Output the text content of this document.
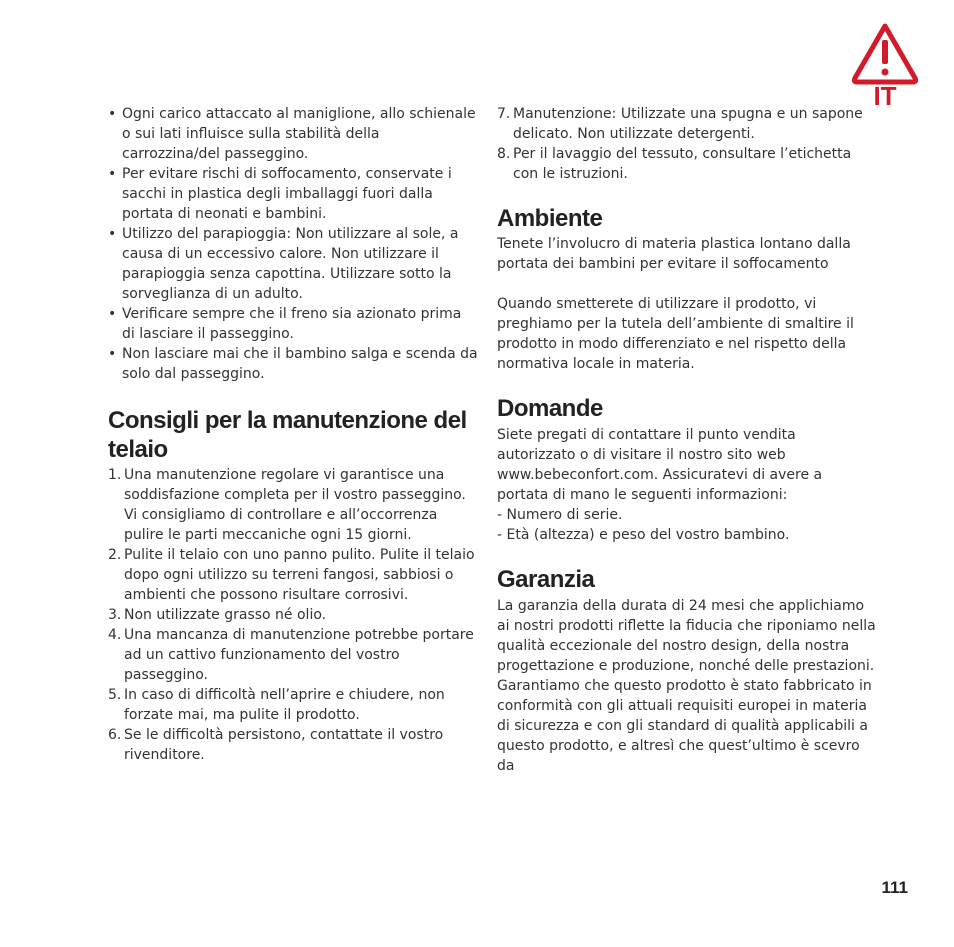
IT
• Ogni carico attaccato al maniglione, allo schienale o sui lati influisce sulla stabilità della carrozzina/del passeggino.
• Per evitare rischi di soffocamento, conservate i sacchi in plastica degli imballaggi fuori dalla portata di neonati e bambini.
• Utilizzo del parapioggia: Non utilizzare al sole, a causa di un eccessivo calore. Non utilizzare il parapioggia senza capottina. Utilizzare sotto la sorveglianza di un adulto.
• Verificare sempre che il freno sia azionato prima di lasciare il passeggino.
• Non lasciare mai che il bambino salga e scenda da solo dal passeggino.
Consigli per la manutenzione del telaio
1. Una manutenzione regolare vi garantisce una soddisfazione completa per il vostro passeggino. Vi consigliamo di controllare e all’occorrenza pulire le parti meccaniche ogni 15 giorni.
2. Pulite il telaio con uno panno pulito. Pulite il telaio dopo ogni utilizzo su terreni fangosi, sabbiosi o ambienti che possono risultare corrosivi.
3. Non utilizzate grasso né olio.
4. Una mancanza di manutenzione potrebbe portare ad un cattivo funzionamento del vostro passeggino.
5. In caso di difficoltà nell’aprire e chiudere, non forzate mai, ma pulite il prodotto.
6. Se le difficoltà persistono, contattate il vostro rivenditore.
7. Manutenzione: Utilizzate una spugna e un sapone delicato. Non utilizzate detergenti.
8. Per il lavaggio del tessuto, consultare l’etichetta con le istruzioni.
Ambiente
Tenete l’involucro di materia plastica lontano dalla portata dei bambini per evitare il soffocamento
Quando smetterete di utilizzare il prodotto, vi preghiamo per la tutela dell’ambiente di smaltire il prodotto in modo differenziato e nel rispetto della normativa locale in materia.
Domande
Siete pregati di contattare il punto vendita autorizzato o di visitare il nostro sito web www.bebeconfort.com. Assicuratevi di avere a portata di mano le seguenti informazioni:
- Numero di serie.
- Età (altezza) e peso del vostro bambino.
Garanzia
La garanzia della durata di 24 mesi che applichiamo ai nostri prodotti riflette la fiducia che riponiamo nella qualità eccezionale del nostro design, della nostra progettazione e produzione, nonché delle prestazioni. Garantiamo che questo prodotto è stato fabbricato in conformità con gli attuali requisiti europei in materia di sicurezza e con gli standard di qualità applicabili a questo prodotto, e altresì che quest’ultimo è scevro da
111
